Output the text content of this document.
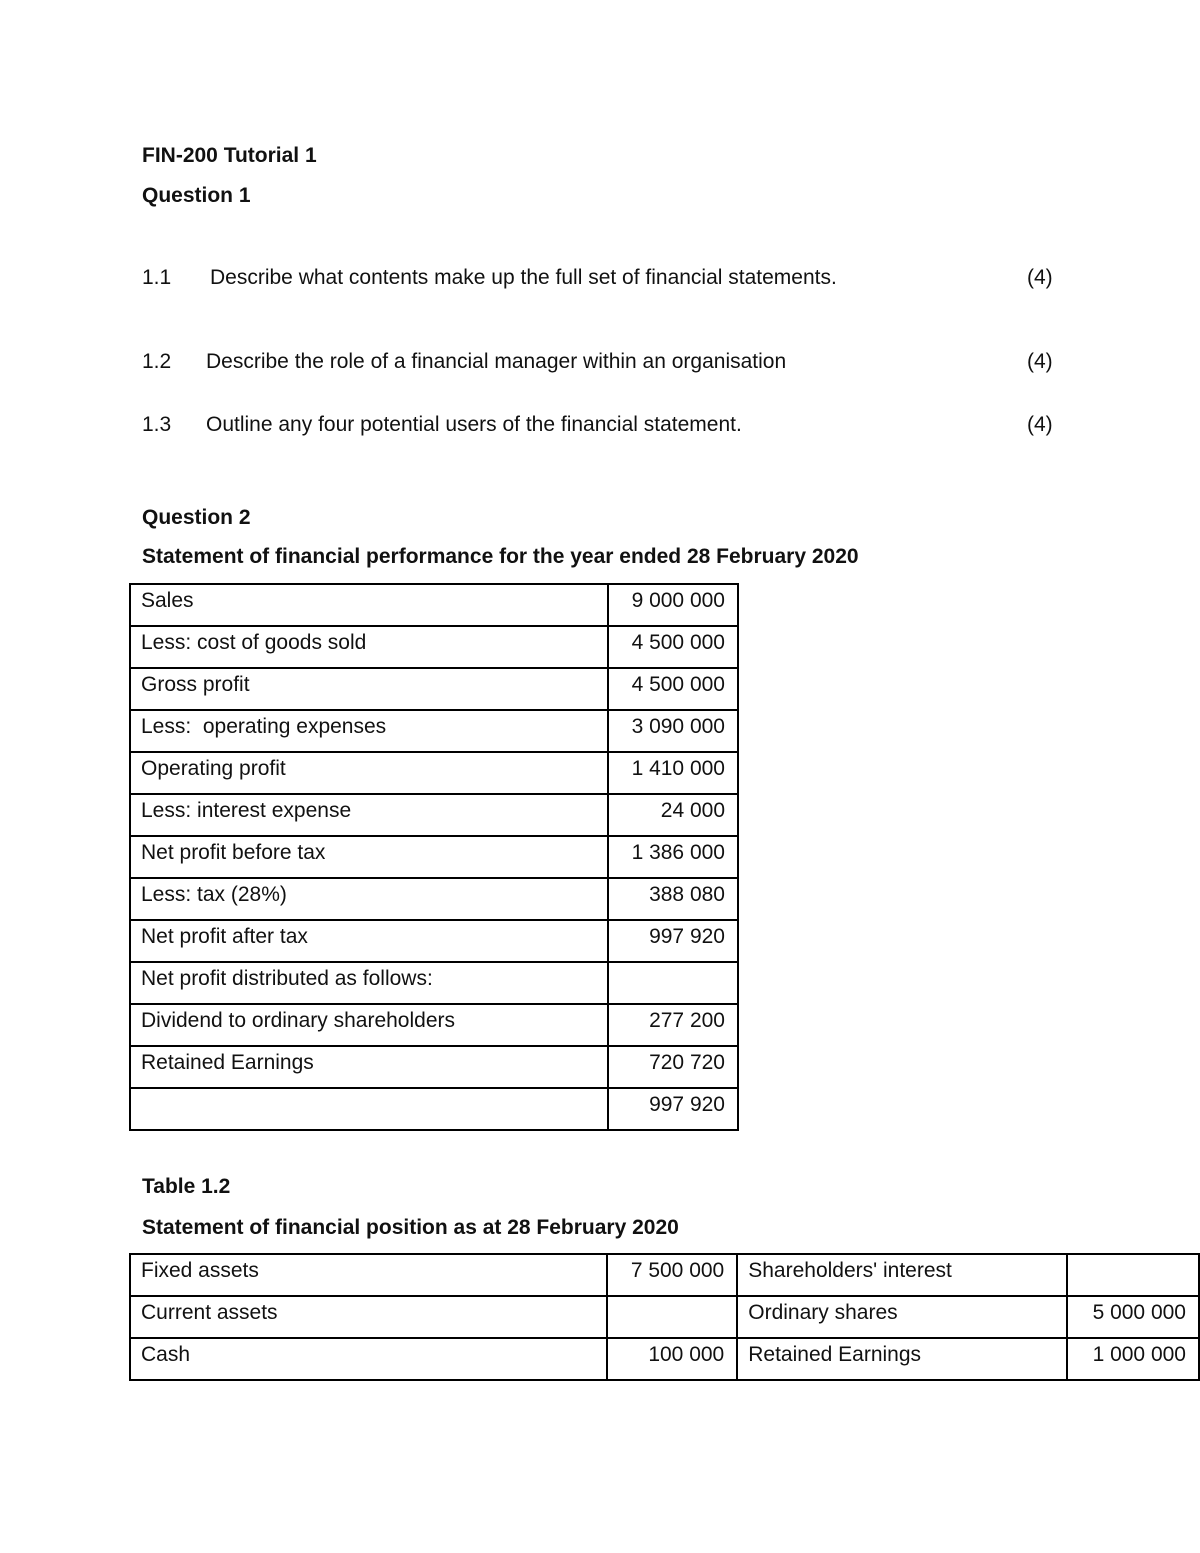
FIN-200 Tutorial 1
Question 1
1.1 Describe what contents make up the full set of financial statements.	(4)
1.2 Describe the role of a financial manager within an organisation	(4)
1.3 Outline any four potential users of the financial statement.	(4)
Question 2
Statement of financial performance for the year ended 28 February 2020
Sales	9 000 000
Less: cost of goods sold	4 500 000
Gross profit	4 500 000
Less:  operating expenses	3 090 000
Operating profit	1 410 000
Less: interest expense	24 000
Net profit before tax	1 386 000
Less: tax (28%)	388 080
Net profit after tax	997 920
Net profit distributed as follows:	
Dividend to ordinary shareholders	277 200
Retained Earnings	720 720
	997 920
Table 1.2
Statement of financial position as at 28 February 2020
Fixed assets	7 500 000	Shareholders' interest	
Current assets		Ordinary shares	5 000 000
Cash	100 000	Retained Earnings	1 000 000
